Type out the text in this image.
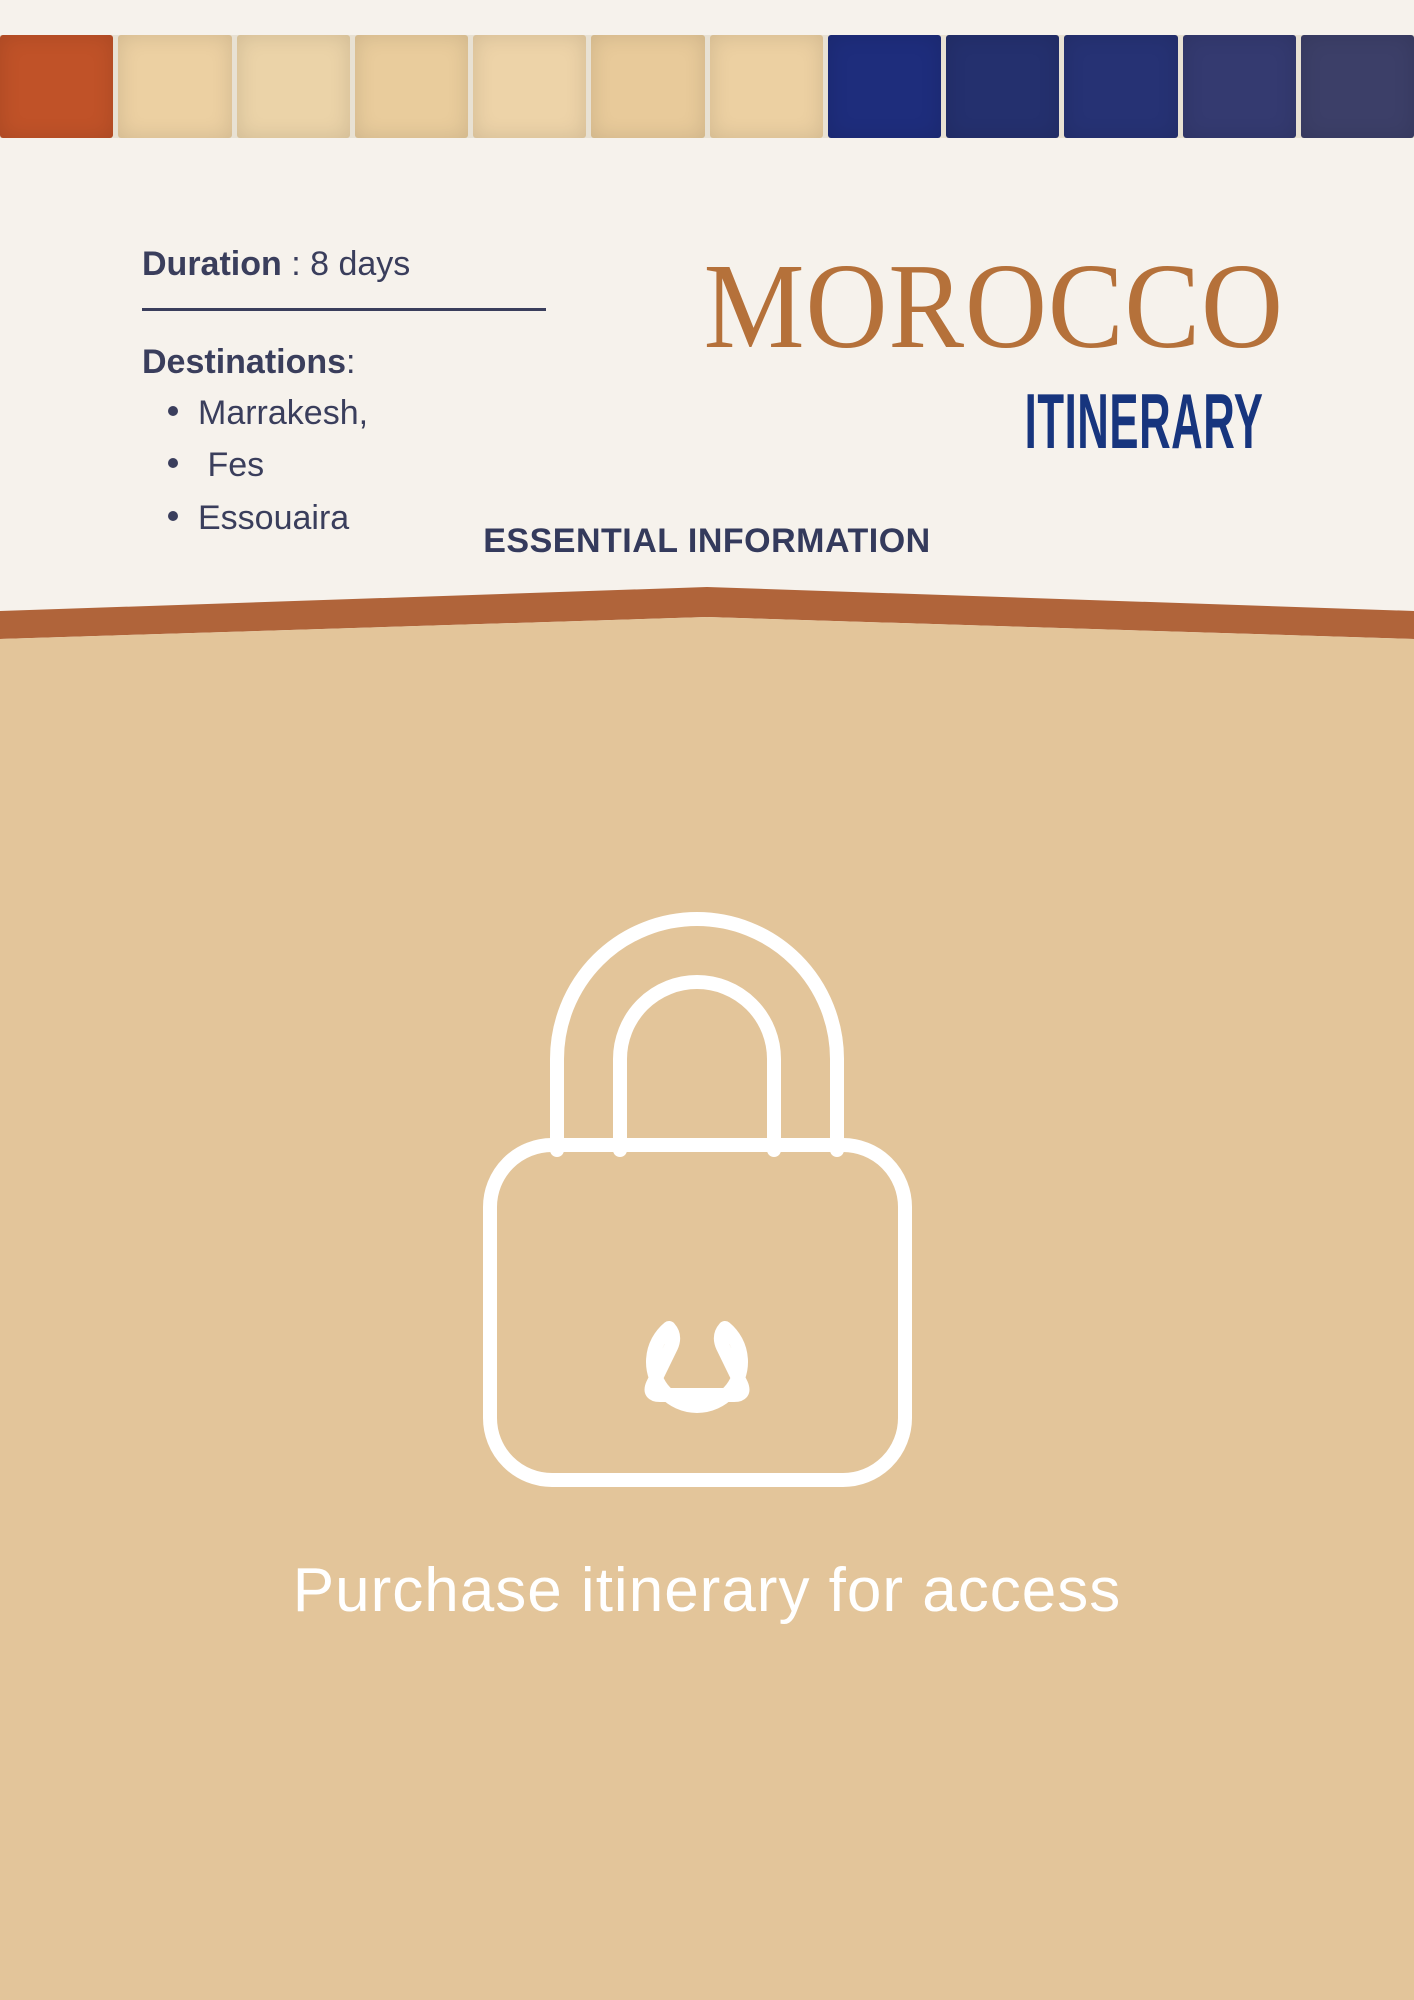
Duration : 8 days
Destinations:
Marrakesh,
Fes
Essouaira
MOROCCO
ITINERARY
ESSENTIAL INFORMATION

Purchase itinerary for access
